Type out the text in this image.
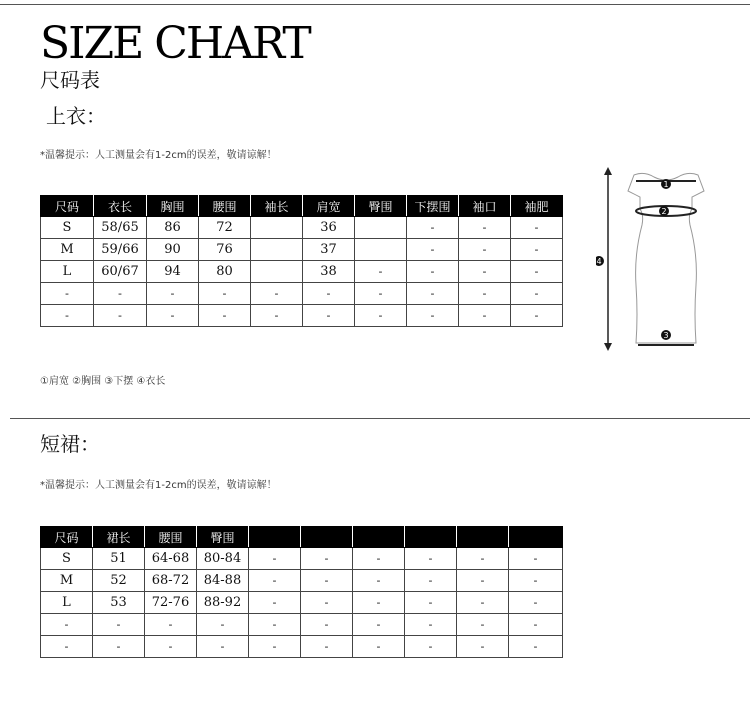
SIZE CHART
尺码表
上衣：
*温馨提示：人工测量会有1-2cm的误差，敬请谅解！
尺码	衣长	胸围	腰围	袖长	肩宽	臀围	下摆围	袖口	袖肥
S	58/65	86	72		36		-	-	-
M	59/66	90	76		37		-	-	-
L	60/67	94	80		38	-	-	-	-
-	-	-	-	-	-	-	-	-	-
-	-	-	-	-	-	-	-	-	-
①肩宽 ②胸围 ③下摆 ④衣长
1
2
3
4
短裙：
*温馨提示：人工测量会有1-2cm的误差，敬请谅解！
尺码	裙长	腰围	臀围						
S	51	64-68	80-84	-	-	-	-	-	-
M	52	68-72	84-88	-	-	-	-	-	-
L	53	72-76	88-92	-	-	-	-	-	-
-	-	-	-	-	-	-	-	-	-
-	-	-	-	-	-	-	-	-	-
